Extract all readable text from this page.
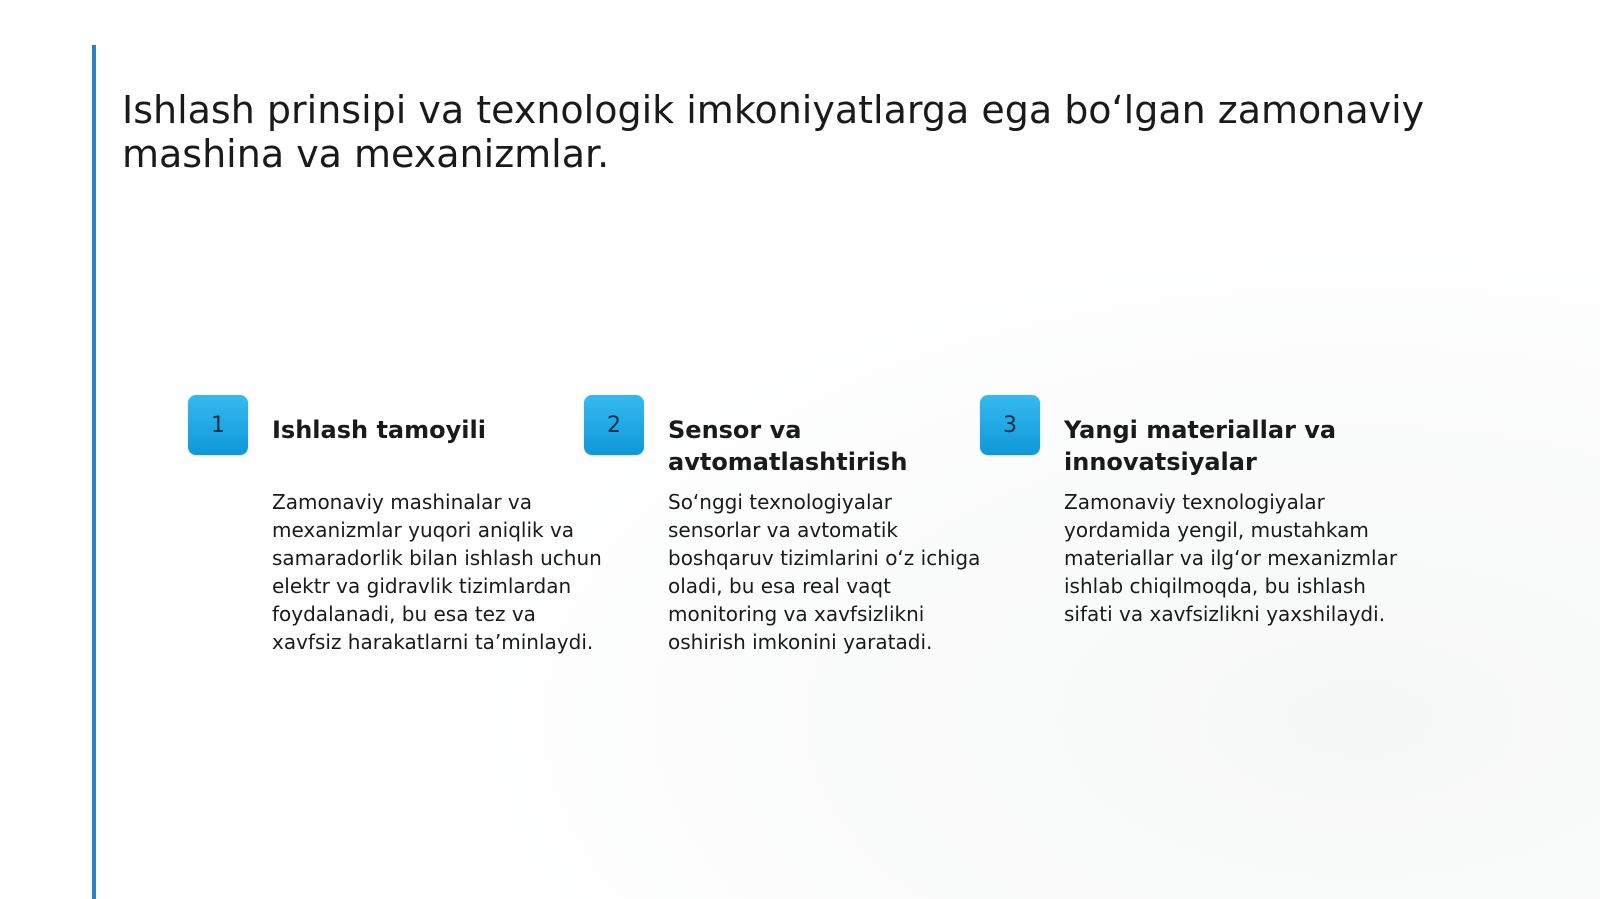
Ishlash prinsipi va texnologik imkoniyatlarga ega bo‘lgan zamonaviy mashina va mexanizmlar.
1	Ishlash tamoyili

Zamonaviy mashinalar va mexanizmlar yuqori aniqlik va samaradorlik bilan ishlash uchun elektr va gidravlik tizimlardan foydalanadi, bu esa tez va xavfsiz harakatlarni ta’minlaydi.

2	Sensor va avtomatlashtirish

So‘nggi texnologiyalar sensorlar va avtomatik boshqaruv tizimlarini o‘z ichiga oladi, bu esa real vaqt monitoring va xavfsizlikni oshirish imkonini yaratadi.

3	Yangi materiallar va innovatsiyalar

Zamonaviy texnologiyalar yordamida yengil, mustahkam materiallar va ilg‘or mexanizmlar ishlab chiqilmoqda, bu ishlash sifati va xavfsizlikni yaxshilaydi.
